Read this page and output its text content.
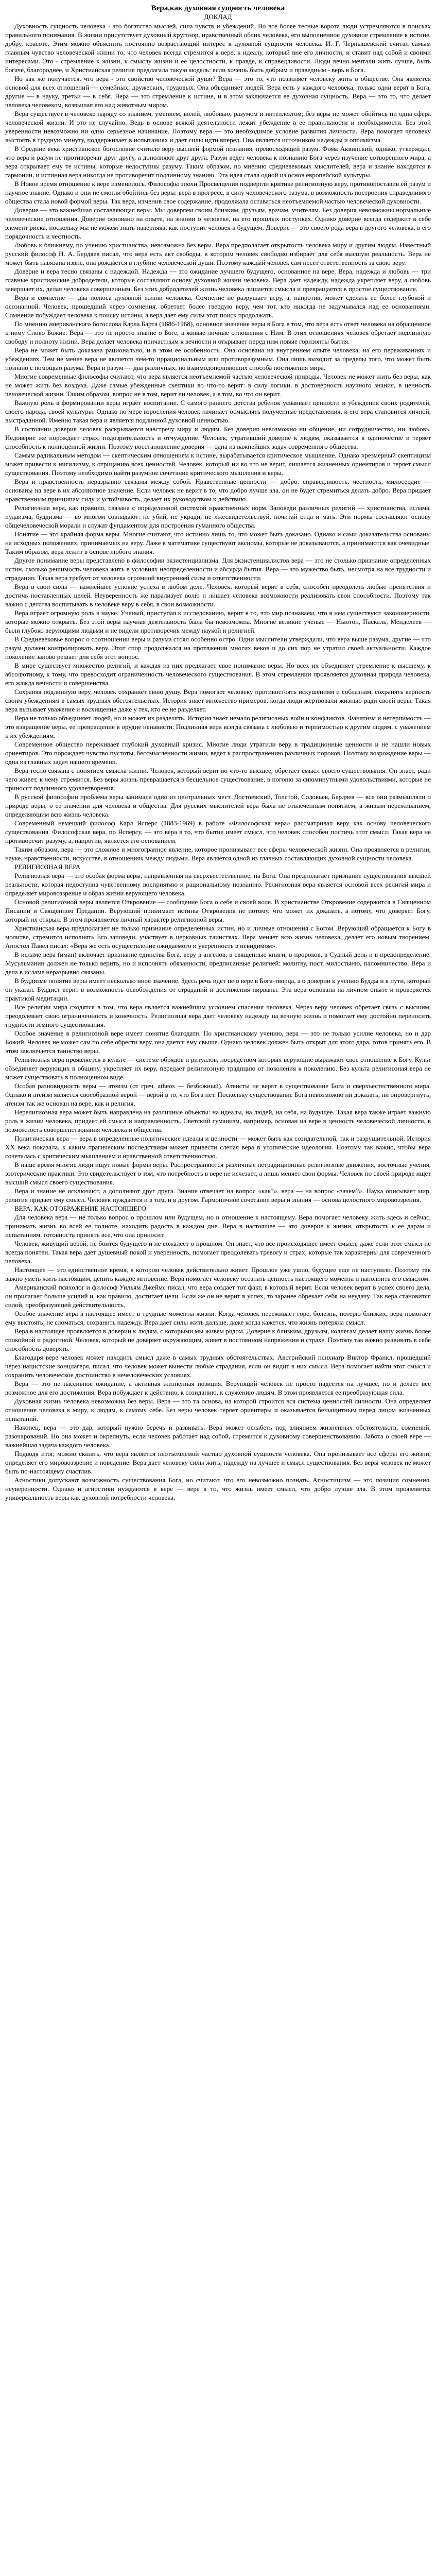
Вера,как духовная сущность человека
ДОКЛАД

Духовность сущность человека - это богатство мыслей, сила чувств и убеждений. Во все более тесные ворота люди устремляются в поисках правильного понимания. В жизни присутствует духовный кругозор, нравственный облик человека, его выполненное духовное стремление к истине, добру, красоте. Этим можно объяснить постоянно возрастающий интерес к духовной сущности человека. И. Г. Чернышевский считал самым главным чувство человеческой жизни то, что человек всегда стремится к вере, к идеалу, который вне его личности, и ставит над собой и своими интересами. Это - стремление к жизни, к смыслу жизни и ее целостности, к правде, к справедливости. Люди вечно мечтали жить лучше, быть богаче, благороднее, и Христианская религия предлагала такую модель: если хочешь быть добрым и праведным - верь в Бога.

Но как же получается, что вера - это свойство человеческой души? Вера — это то, что позволяет человеку жить в обществе. Она является основой для всех отношений — семейных, дружеских, трудовых. Она объединяет людей. Вера есть у каждого человека, только одни верят в Бога, другие — в науку, третьи — в себя. Вера — это стремление к истине, и в этом заключается ее духовная сущность. Вера — это то, что делает человека человеком, возвышая его над животным миром.

Вера существует в человеке наряду со знанием, умением, волей, любовью, разумом и интеллектом; без веры не может обойтись ни одна сфера человеческой жизни. И это не случайно. Ведь в основе всякой деятельности лежит убеждение в ее правильности и необходимости. Без этой уверенности невозможно ни одно серьезное начинание. Поэтому вера — это необходимое условие развития личности. Вера помогает человеку выстоять в трудную минуту, поддерживает в испытаниях и дает силы идти вперед. Она является источником надежды и оптимизма.

В Средние века христианское богословие считало веру высшей формой познания, превосходящей разум. Фома Аквинский, однако, утверждал, что вера и разум не противоречат друг другу, а дополняют друг друга. Разум ведет человека к познанию Бога через изучение сотворенного мира, а вера открывает ему те истины, которые недоступны разуму. Таким образом, по мнению средневековых мыслителей, вера и знание находятся в гармонии, и истинная вера никогда не противоречит подлинному знанию. Эта идея стала одной из основ европейской культуры.

В Новое время отношение к вере изменилось. Философы эпохи Просвещения подвергли критике религиозную веру, противопоставив ей разум и научное знание. Однако и они не смогли обойтись без веры: вера в прогресс, в силу человеческого разума, в возможность построения справедливого общества стала новой формой веры. Так вера, изменив свое содержание, продолжала оставаться неотъемлемой частью человеческой духовности.

Доверие — это важнейшая составляющая веры. Мы доверяем своим близким, друзьям, врачам, учителям. Без доверия невозможны нормальные человеческие отношения. Доверие основано на опыте, на знании о человеке, на его прошлых поступках. Однако доверие всегда содержит в себе элемент риска, поскольку мы не можем знать наверняка, как поступит человек в будущем. Доверие — это своего рода вера в другого человека, в его порядочность и честность.

Любовь к ближнему, по учению христианства, невозможна без веры. Вера предполагает открытость человека миру и другим людям. Известный русский философ Н. А. Бердяев писал, что вера есть акт свободы, в котором человек свободно избирает для себя высшую реальность. Вера не может быть навязана извне, она рождается в глубине человеческой души. Поэтому каждый человек сам несет ответственность за свою веру.

Доверие и вера тесно связаны с надеждой. Надежда — это ожидание лучшего будущего, основанное на вере. Вера, надежда и любовь — три главные христианские добродетели, которые составляют основу духовной жизни человека. Вера дает надежду, надежда укрепляет веру, а любовь завершает их, делая человека совершенным. Без этих добродетелей жизнь человека лишается смысла и превращается в простое существование.

Вера и сомнение — два полюса духовной жизни человека. Сомнение не разрушает веру, а, напротив, может сделать ее более глубокой и осознанной. Человек, прошедший через сомнения, обретает более твердую веру, чем тот, кто никогда не задумывался над ее основаниями. Сомнение побуждает человека к поиску истины, а вера дает ему силы этот поиск продолжать.

По мнению американского богослова Карла Барта (1886-1968), основное значение веры в Бога в том, что вера есть ответ человека на обращенное к нему Слово Божие. Вера — это не просто знание о Боге, а живые личные отношения с Ним. В этих отношениях человек обретает подлинную свободу и полноту жизни. Вера делает человека причастным к вечности и открывает перед ним новые горизонты бытия.

Вера не может быть доказана рационально, и в этом ее особенность. Она основана на внутреннем опыте человека, на его переживаниях и убеждениях. Тем не менее вера не является чем-то иррациональным или противоразумным. Она лишь выходит за пределы того, что может быть познано с помощью разума. Вера и разум — два различных, но взаимодополняющих способа постижения мира.

Многие современные философы считают, что вера является неотъемлемой частью человеческой природы. Человек не может жить без веры, как не может жить без воздуха. Даже самые убежденные скептики во что-то верят: в силу логики, в достоверность научного знания, в ценность человеческой жизни. Таким образом, вопрос не в том, верит ли человек, а в том, во что он верит.

Важную роль в формировании веры играет воспитание. С самого раннего детства ребенок усваивает ценности и убеждения своих родителей, своего народа, своей культуры. Однако по мере взросления человек начинает осмыслять полученные представления, и его вера становится личной, выстраданной. Именно такая вера и является подлинной духовной ценностью.

В состоянии доверия человек раскрывается навстречу миру и людям. Без доверия невозможно ни общение, ни сотрудничество, ни любовь. Недоверие же порождает страх, подозрительность и отчуждение. Человек, утративший доверие к людям, оказывается в одиночестве и теряет способность к полноценной жизни. Поэтому восстановление доверия — одна из важнейших задач современного общества.

Самым радикальным методом — скептическим отношением к истине, вырабатывается критическое мышление. Однако чрезмерный скептицизм может привести к нигилизму, к отрицанию всех ценностей. Человек, который ни во что не верит, лишается жизненных ориентиров и теряет смысл существования. Поэтому необходимо найти разумное сочетание критического мышления и веры.

Вера и нравственность неразрывно связаны между собой. Нравственные ценности — добро, справедливость, честность, милосердие — основаны на вере в их абсолютное значение. Если человек не верит в то, что добро лучше зла, он не будет стремиться делать добро. Вера придает нравственным принципам силу и устойчивость, делает их руководством к действию.

Религиозная вера, как правило, связана с определенной системой нравственных норм. Заповеди различных религий — христианства, ислама, иудаизма, буддизма — во многом совпадают: не убий, не укради, не лжесвидетельствуй, почитай отца и мать. Эти нормы составляют основу общечеловеческой морали и служат фундаментом для построения гуманного общества.

Понятие — это крайняя форма веры. Многие считают, что истинно лишь то, что может быть доказано. Однако и сами доказательства основаны на исходных положениях, принимаемых на веру. Даже в математике существуют аксиомы, которые не доказываются, а принимаются как очевидные. Таким образом, вера лежит в основе любого знания.

Другое понимание веры представлено в философии экзистенциализма. Для экзистенциалистов вера — это не столько признание определенных истин, сколько решимость человека жить в условиях неопределенности и абсурда бытия. Вера — это мужество быть, несмотря на все трудности и страдания. Такая вера требует от человека огромной внутренней силы и ответственности.

Вера в свои силы — важнейшее условие успеха в любом деле. Человек, который верит в себя, способен преодолеть любые препятствия и достичь поставленных целей. Неуверенность же парализует волю и лишает человека возможности реализовать свои способности. Поэтому так важно с детства воспитывать в человеке веру в себя, в свои возможности.

Вера играет огромную роль в науке. Ученый, приступая к исследованию, верит в то, что мир познаваем, что в нем существуют закономерности, которые можно открыть. Без этой веры научная деятельность была бы невозможна. Многие великие ученые — Ньютон, Паскаль, Менделеев — были глубоко верующими людьми и не видели противоречия между наукой и религией.

В Средневековье вопрос о соотношении веры и разума стоял особенно остро. Одни мыслители утверждали, что вера выше разума, другие — что разум должен контролировать веру. Этот спор продолжался на протяжении многих веков и до сих пор не утратил своей актуальности. Каждое поколение заново решает для себя этот вопрос.

В мире существует множество религий, и каждая из них предлагает свое понимание веры. Но всех их объединяет стремление к высшему, к абсолютному, к тому, что превосходит ограниченность человеческого существования. В этом стремлении проявляется духовная природа человека, его жажда вечности и совершенства.

Сохраняя подлинную веру, человек сохраняет свою душу. Вера помогает человеку противостоять искушениям и соблазнам, сохранять верность своим убеждениям в самых трудных обстоятельствах. История знает множество примеров, когда люди жертвовали жизнью ради своей веры. Такая вера вызывает уважение и восхищение даже у тех, кто ее не разделяет.

Вера не только объединяет людей, но и может их разделять. История знает немало религиозных войн и конфликтов. Фанатизм и нетерпимость — это извращение веры, ее превращение в орудие ненависти. Подлинная вера всегда связана с любовью и терпимостью к другим людям, с уважением к их убеждениям.

Современное общество переживает глубокий духовный кризис. Многие люди утратили веру в традиционные ценности и не нашли новых ориентиров. Это порождает чувство пустоты, бессмысленности жизни, ведет к распространению различных пороков. Поэтому возрождение веры — одна из главных задач нашего времени.

Вера тесно связана с понятием смысла жизни. Человек, который верит во что-то высшее, обретает смысл своего существования. Он знает, ради чего живет, к чему стремится. Без веры жизнь превращается в бесцельное существование, в погоню за сиюминутными удовольствиями, которые не приносят подлинного удовлетворения.

В русской философии проблема веры занимала одно из центральных мест. Достоевский, Толстой, Соловьев, Бердяев — все они размышляли о природе веры, о ее значении для человека и общества. Для русских мыслителей вера была не отвлеченным понятием, а живым переживанием, определяющим всю жизнь человека.

Современный немецкий философ Карл Ясперс (1883-1969) в работе «Философская вера» рассматривал веру как основу человеческого существования. Философская вера, по Ясперсу, — это вера в то, что бытие имеет смысл, что человек способен постичь этот смысл. Такая вера не противоречит разуму, а, напротив, является его основанием.

Таким образом, вера — это сложное и многогранное явление, которое пронизывает все сферы человеческой жизни. Она проявляется в религии, науке, нравственности, искусстве, в отношениях между людьми. Вера является одной из главных составляющих духовной сущности человека.

РЕЛИГИОЗНАЯ ВЕРА

Религиозная вера — это особая форма веры, направленная на сверхъестественное, на Бога. Она предполагает признание существования высшей реальности, которая недоступна чувственному восприятию и рациональному познанию. Религиозная вера является основой всех религий мира и определяет мировоззрение и образ жизни верующего человека.

Основой религиозной веры является Откровение — сообщение Бога о себе и своей воле. В христианстве Откровение содержится в Священном Писании и Священном Предании. Верующий принимает истины Откровения не потому, что может их доказать, а потому, что доверяет Богу, который их открыл. В этом проявляется личный характер религиозной веры.

Христианская вера предполагает не только признание определенных истин, но и личные отношения с Богом. Верующий обращается к Богу в молитве, стремится исполнять Его заповеди, участвует в церковных таинствах. Вера меняет всю жизнь человека, делает его новым творением. Апостол Павел писал: «Вера же есть осуществление ожидаемого и уверенность в невидимом».

В исламе вера (иман) включает признание единства Бога, веру в ангелов, в священные книги, в пророков, в Судный день и в предопределение. Мусульманин должен не только верить, но и исполнять обязанности, предписанные религией: молитву, пост, милостыню, паломничество. Вера и дела в исламе неразрывно связаны.

В буддизме понятие веры имеет несколько иное значение. Здесь речь идет не о вере в Бога-творца, а о доверии к учению Будды и к пути, который он указал. Буддист верит в возможность освобождения от страданий и достижения нирваны. Эта вера основана на личном опыте и проверяется практикой медитации.

Все религии мира сходятся в том, что вера является важнейшим условием спасения человека. Через веру человек обретает связь с высшим, преодолевает свою ограниченность и конечность. Религиозная вера дает человеку надежду на вечную жизнь и помогает ему достойно переносить трудности земного существования.

Особое значение в религиозной вере имеет понятие благодати. По христианскому учению, вера — это не только усилие человека, но и дар Божий. Человек не может сам по себе обрести веру, она дается ему свыше. Однако человек должен быть открыт для этого дара, готов принять его. В этом заключается таинство веры.

Религиозная вера проявляется в культе — системе обрядов и ритуалов, посредством которых верующие выражают свое отношение к Богу. Культ объединяет верующих в общину, укрепляет их веру, передает религиозную традицию от поколения к поколению. Без культа религиозная вера не может существовать в полноценном виде.

Особая разновидность веры — атеизм (от греч. atheos — безбожный). Атеисты не верят в существование Бога и сверхъестественного мира. Однако и атеизм является своеобразной верой — верой в то, что Бога нет. Поскольку существование Бога невозможно ни доказать, ни опровергнуть, атеизм так же основан на вере, как и религия.

Нерелигиозная вера может быть направлена на различные объекты: на идеалы, на людей, на себя, на будущее. Такая вера также играет важную роль в жизни человека, придает ей смысл и направленность. Светский гуманизм, например, основан на вере в ценность человеческой личности, в возможность совершенствования человека и общества.

Политическая вера — вера в определенные политические идеалы и ценности — может быть как созидательной, так и разрушительной. История XX века показала, к каким трагическим последствиям может привести слепая вера в утопические идеологии. Поэтому так важно, чтобы вера сочеталась с критическим мышлением и нравственной ответственностью.

В наше время многие люди ищут новые формы веры. Распространяются различные нетрадиционные религиозные движения, восточные учения, эзотерические практики. Это свидетельствует о том, что потребность в вере не исчезает, а лишь меняет свои формы. Человек по своей природе ищет высший смысл своего существования.

Вера и знание не исключают, а дополняют друг друга. Знание отвечает на вопрос «как?», вера — на вопрос «зачем?». Наука описывает мир, религия придает ему смысл. Человек нуждается и в том, и в другом. Гармоничное сочетание веры и знания — основа целостного мировоззрения.

ВЕРА, КАК ОТОБРАЖЕНИЕ НАСТОЯЩЕГО

Для человека вера — не только вопрос о прошлом или будущем, но и отношение к настоящему. Вера помогает человеку жить здесь и сейчас, принимать жизнь во всей ее полноте, находить радость в каждом дне. Вера в настоящее — это доверие к жизни, открытость к ее дарам и испытаниям, готовность принять все, что она приносит.

Человек, живущий верой, не боится будущего и не сожалеет о прошлом. Он знает, что все происходящее имеет смысл, даже если этот смысл не всегда понятен. Такая вера дает душевный покой и уверенность, помогает преодолевать тревогу и страх, которые так характерны для современного человека.

Настоящее — это единственное время, в котором человек действительно живет. Прошлое уже ушло, будущее еще не наступило. Поэтому так важно уметь жить настоящим, ценить каждое мгновение. Вера помогает человеку осознать ценность настоящего момента и наполнить его смыслом.

Американский психолог и философ Уильям Джеймс писал, что вера создает тот факт, в который верит. Если человек верит в успех своего дела, он прилагает больше усилий и, как правило, достигает цели. Если же он не верит в успех, то заранее обрекает себя на неудачу. Так вера становится силой, преобразующей действительность.

Особое значение вера в настоящее имеет в трудные моменты жизни. Когда человек переживает горе, болезнь, потерю близких, вера помогает ему выстоять, не сломаться, сохранить надежду. Вера дает силы жить дальше, даже когда кажется, что жизнь потеряла смысл.

Вера в настоящее проявляется в доверии к людям, с которыми мы живем рядом. Доверие к близким, друзьям, коллегам делает нашу жизнь более спокойной и радостной. Человек, который не доверяет окружающим, живет в постоянном напряжении и страхе. Поэтому так важно развивать в себе способность доверять.

Благодаря вере человек может находить смысл даже в самых трудных обстоятельствах. Австрийский психиатр Виктор Франкл, прошедший через нацистские концлагеря, писал, что человек может вынести любые страдания, если он видит в них смысл. Вера помогает найти этот смысл и сохранить человеческое достоинство в нечеловеческих условиях.

Вера — это не пассивное ожидание, а активная жизненная позиция. Верующий человек не просто надеется на лучшее, но и делает все возможное для его достижения. Вера побуждает к действию, к созиданию, к служению людям. В этом проявляется ее преобразующая сила.

Духовная жизнь человека невозможна без веры. Вера — это та основа, на которой строится вся система ценностей личности. Она определяет отношение человека к миру, к людям, к самому себе. Без веры человек теряет ориентиры и оказывается беззащитным перед лицом жизненных испытаний.

Наконец, вера — это дар, который нужно беречь и развивать. Вера может ослабеть под влиянием жизненных обстоятельств, сомнений, разочарований. Но она может и окрепнуть, если человек работает над собой, стремится к духовному совершенствованию. Забота о своей вере — важнейшая задача каждого человека.

Подводя итог, можно сказать, что вера является неотъемлемой частью духовной сущности человека. Она пронизывает все сферы его жизни, определяет его мировоззрение и поведение. Вера дает человеку силы жить, надежду на лучшее и смысл существования. Без веры человек не может быть по-настоящему счастлив.

Агностики допускают возможность существования Бога, но считают, что его невозможно познать. Агностицизм — это позиция сомнения, неуверенности. Однако и агностики нуждаются в вере — вере в то, что жизнь имеет смысл, что добро лучше зла. В этом проявляется универсальность веры как духовной потребности человека.
